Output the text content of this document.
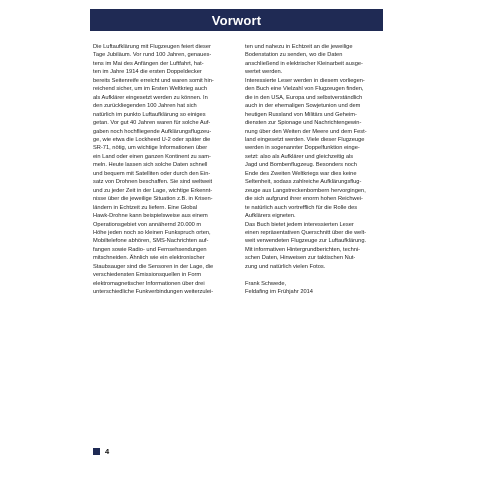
Vorwort

Die Luftaufklärung mit Flugzeugen feiert dieser

Tage Jubiläum. Vor rund 100 Jahren, genaues-

tens im Mai des Anfängen der Luftfahrt, hat-

ten im Jahre 1914 die ersten Doppeldecker

bereits Seitenreife erreicht und waren somit hin-

reichend sicher, um im Ersten Weltkrieg auch

als Aufklärer eingesetzt werden zu können. In

den zurückliegenden 100 Jahren hat sich

natürlich im punkto Luftaufklärung so einiges

getan. Vor gut 40 Jahren waren für solche Auf-

gaben noch hochfliegende Aufklärungsflugzeu-

ge, wie etwa die Lockheed U-2 oder später die

SR-71, nötig, um wichtige Informationen über

ein Land oder einen ganzen Kontinent zu sam-

meln. Heute lassen sich solche Daten schnell

und bequem mit Satelliten oder durch den Ein-

satz von Drohnen beschaffen. Sie sind weltweit

und zu jeder Zeit in der Lage, wichtige Erkennt-

nisse über die jeweilige Situation z.B. in Krisen-

ländern in Echtzeit zu liefern. Eine Global

Hawk-Drohne kann beispielsweise aus einem

Operationsgebiet von annähernd 20.000 m

Höhe jeden noch so kleinen Funkspruch orten,

Mobiltelefone abhören, SMS-Nachrichten auf-

fangen sowie Radio- und Fernsehsendungen

mitschneiden. Ähnlich wie ein elektronischer

Staubsauger sind die Sensoren in der Lage, die

verschiedensten Emissionsquellen in Form

elektromagnetischer Informationen über drei

unterschiedliche Funkverbindungen weiterzulei-

ten und nahezu in Echtzeit an die jeweilige

Bodenstation zu senden, wo die Daten

anschließend in elektrischer Kleinarbeit ausge-

wertet werden.

Interessierte Leser werden in diesem vorliegen-

den Buch eine Vielzahl von Flugzeugen finden,

die in den USA, Europa und selbstverständlich

auch in der ehemaligen Sowjetunion und dem

heutigen Russland von Militärs und Geheim-

diensten zur Spionage und Nachrichtengewin-

nung über den Weiten der Meere und dem Fest-

land eingesetzt werden. Viele dieser Flugzeuge

werden in sogenannter Doppelfunktion einge-

setzt: also als Aufklärer und gleichzeitig als

Jagd und Bombenflugzeug. Besonders noch

Ende des Zweiten Weltkriegs war dies keine

Seltenheit, sodass zahlreiche Aufklärungsflug-

zeuge aus Langstreckenbombern hervorgingen,

die sich aufgrund ihrer enorm hohen Reichwei-

te natürlich auch vortrefflich für die Rolle des

Aufklärers eigneten.

Das Buch bietet jedem interessierten Leser

einen repräsentativen Querschnitt über die welt-

weit verwendeten Flugzeuge zur Luftaufklärung.

Mit informativen Hintergrundberichten, techni-

schen Daten, Hinweisen zur taktischen Nut-

zung und natürlich vielen Fotos.

Frank Schwede,

Feldafing im Frühjahr 2014

4
